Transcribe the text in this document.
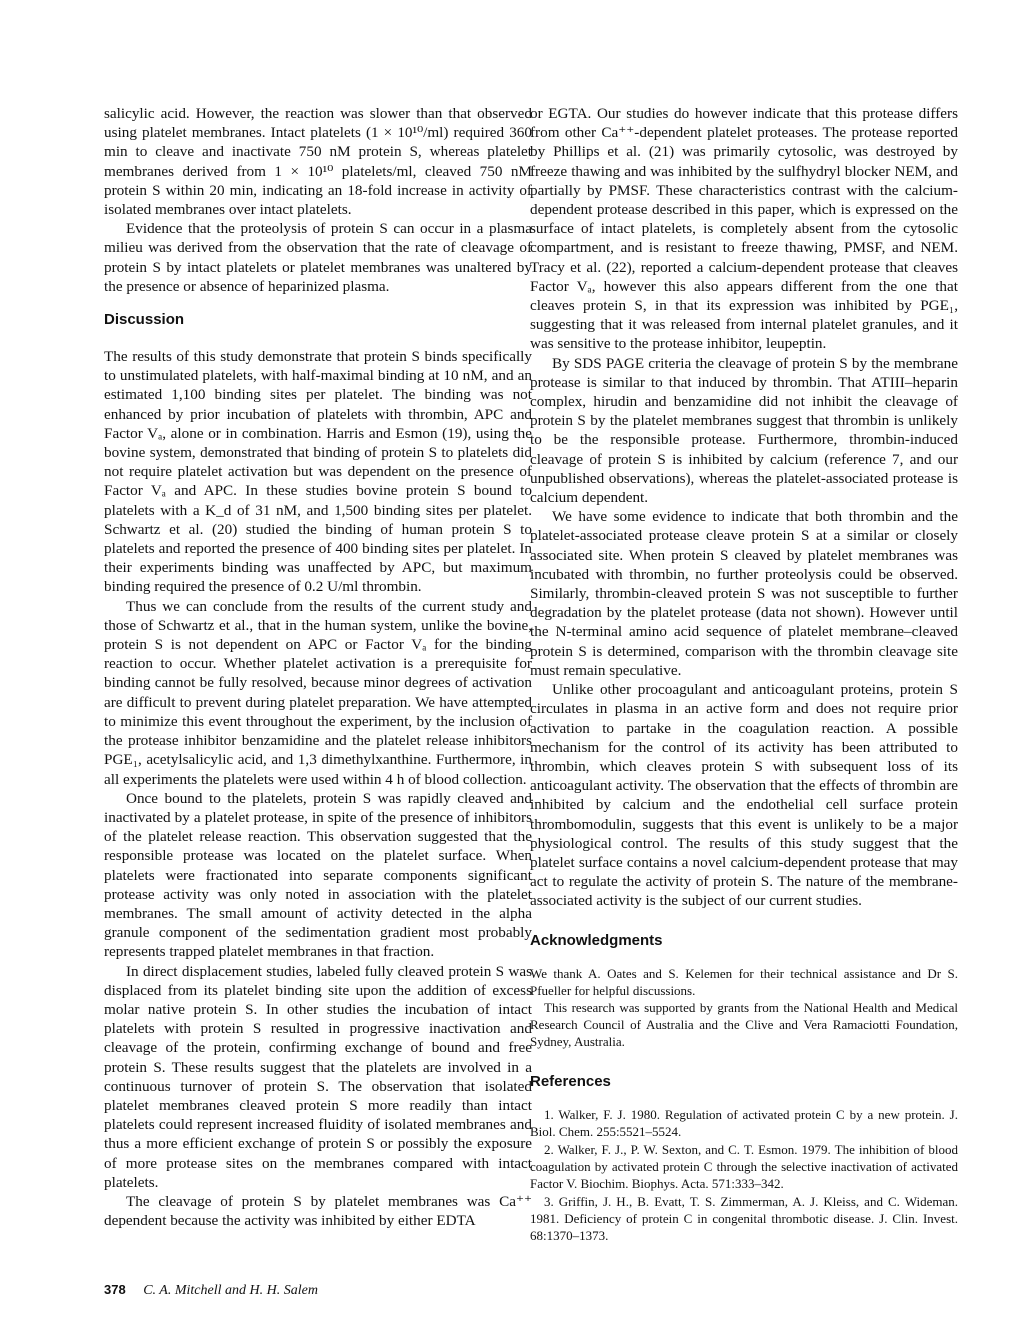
salicylic acid. However, the reaction was slower than that observed using platelet membranes. Intact platelets (1 × 10¹⁰/ml) required 360 min to cleave and inactivate 750 nM protein S, whereas platelet membranes derived from 1 × 10¹⁰ platelets/ml, cleaved 750 nM protein S within 20 min, indicating an 18-fold increase in activity of isolated membranes over intact platelets.

Evidence that the proteolysis of protein S can occur in a plasma milieu was derived from the observation that the rate of cleavage of protein S by intact platelets or platelet membranes was unaltered by the presence or absence of heparinized plasma.

Discussion

The results of this study demonstrate that protein S binds specifically to unstimulated platelets, with half-maximal binding at 10 nM, and an estimated 1,100 binding sites per platelet. The binding was not enhanced by prior incubation of platelets with thrombin, APC and Factor Vₐ, alone or in combination. Harris and Esmon (19), using the bovine system, demonstrated that binding of protein S to platelets did not require platelet activation but was dependent on the presence of Factor Vₐ and APC. In these studies bovine protein S bound to platelets with a K_d of 31 nM, and 1,500 binding sites per platelet. Schwartz et al. (20) studied the binding of human protein S to platelets and reported the presence of 400 binding sites per platelet. In their experiments binding was unaffected by APC, but maximum binding required the presence of 0.2 U/ml thrombin.

Thus we can conclude from the results of the current study and those of Schwartz et al., that in the human system, unlike the bovine, protein S is not dependent on APC or Factor Vₐ for the binding reaction to occur. Whether platelet activation is a prerequisite for binding cannot be fully resolved, because minor degrees of activation are difficult to prevent during platelet preparation. We have attempted to minimize this event throughout the experiment, by the inclusion of the protease inhibitor benzamidine and the platelet release inhibitors PGE₁, acetylsalicylic acid, and 1,3 dimethylxanthine. Furthermore, in all experiments the platelets were used within 4 h of blood collection.

Once bound to the platelets, protein S was rapidly cleaved and inactivated by a platelet protease, in spite of the presence of inhibitors of the platelet release reaction. This observation suggested that the responsible protease was located on the platelet surface. When platelets were fractionated into separate components significant protease activity was only noted in association with the platelet membranes. The small amount of activity detected in the alpha granule component of the sedimentation gradient most probably represents trapped platelet membranes in that fraction.

In direct displacement studies, labeled fully cleaved protein S was displaced from its platelet binding site upon the addition of excess molar native protein S. In other studies the incubation of intact platelets with protein S resulted in progressive inactivation and cleavage of the protein, confirming exchange of bound and free protein S. These results suggest that the platelets are involved in a continuous turnover of protein S. The observation that isolated platelet membranes cleaved protein S more readily than intact platelets could represent increased fluidity of isolated membranes and thus a more efficient exchange of protein S or possibly the exposure of more protease sites on the membranes compared with intact platelets.

The cleavage of protein S by platelet membranes was Ca⁺⁺ dependent because the activity was inhibited by either EDTA

or EGTA. Our studies do however indicate that this protease differs from other Ca⁺⁺-dependent platelet proteases. The protease reported by Phillips et al. (21) was primarily cytosolic, was destroyed by freeze thawing and was inhibited by the sulfhydryl blocker NEM, and partially by PMSF. These characteristics contrast with the calcium-dependent protease described in this paper, which is expressed on the surface of intact platelets, is completely absent from the cytosolic compartment, and is resistant to freeze thawing, PMSF, and NEM. Tracy et al. (22), reported a calcium-dependent protease that cleaves Factor Vₐ, however this also appears different from the one that cleaves protein S, in that its expression was inhibited by PGE₁, suggesting that it was released from internal platelet granules, and it was sensitive to the protease inhibitor, leupeptin.

By SDS PAGE criteria the cleavage of protein S by the membrane protease is similar to that induced by thrombin. That ATIII–heparin complex, hirudin and benzamidine did not inhibit the cleavage of protein S by the platelet membranes suggest that thrombin is unlikely to be the responsible protease. Furthermore, thrombin-induced cleavage of protein S is inhibited by calcium (reference 7, and our unpublished observations), whereas the platelet-associated protease is calcium dependent.

We have some evidence to indicate that both thrombin and the platelet-associated protease cleave protein S at a similar or closely associated site. When protein S cleaved by platelet membranes was incubated with thrombin, no further proteolysis could be observed. Similarly, thrombin-cleaved protein S was not susceptible to further degradation by the platelet protease (data not shown). However until the N-terminal amino acid sequence of platelet membrane–cleaved protein S is determined, comparison with the thrombin cleavage site must remain speculative.

Unlike other procoagulant and anticoagulant proteins, protein S circulates in plasma in an active form and does not require prior activation to partake in the coagulation reaction. A possible mechanism for the control of its activity has been attributed to thrombin, which cleaves protein S with subsequent loss of its anticoagulant activity. The observation that the effects of thrombin are inhibited by calcium and the endothelial cell surface protein thrombomodulin, suggests that this event is unlikely to be a major physiological control. The results of this study suggest that the platelet surface contains a novel calcium-dependent protease that may act to regulate the activity of protein S. The nature of the membrane-associated activity is the subject of our current studies.

Acknowledgments

We thank A. Oates and S. Kelemen for their technical assistance and Dr S. Pfueller for helpful discussions.

This research was supported by grants from the National Health and Medical Research Council of Australia and the Clive and Vera Ramaciotti Foundation, Sydney, Australia.

References

1. Walker, F. J. 1980. Regulation of activated protein C by a new protein. J. Biol. Chem. 255:5521–5524.

2. Walker, F. J., P. W. Sexton, and C. T. Esmon. 1979. The inhibition of blood coagulation by activated protein C through the selective inactivation of activated Factor V. Biochim. Biophys. Acta. 571:333–342.

3. Griffin, J. H., B. Evatt, T. S. Zimmerman, A. J. Kleiss, and C. Wideman. 1981. Deficiency of protein C in congenital thrombotic disease. J. Clin. Invest. 68:1370–1373.

378 C. A. Mitchell and H. H. Salem
